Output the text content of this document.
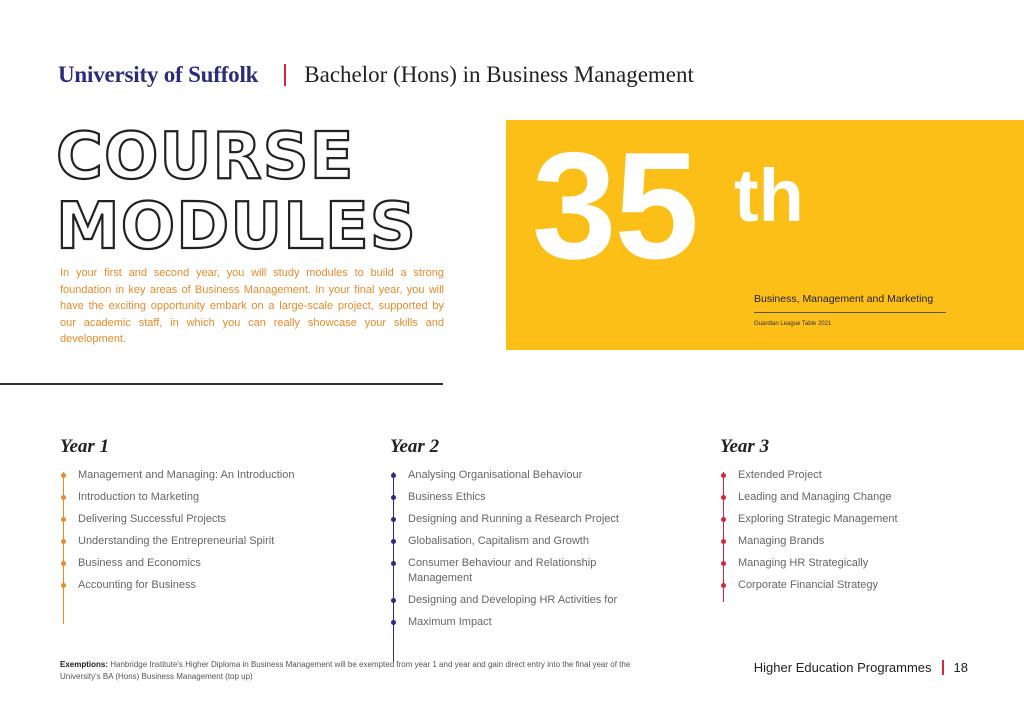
University of Suffolk Bachelor (Hons) in Business Management
COURSE
MODULES

In your first and second year, you will study modules to build a strong foundation in key areas of Business Management. In your final year, you will have the exciting opportunity embark on a large-scale project, supported by our academic staff, in which you can really showcase your skills and development.

35 th
Business, Management and Marketing
Guardian League Table 2021
Year 1
Management and Managing: An Introduction
Introduction to Marketing
Delivering Successful Projects
Understanding the Entrepreneurial Spirit
Business and Economics
Accounting for Business
Year 2
Analysing Organisational Behaviour
Business Ethics
Designing and Running a Research Project
Globalisation, Capitalism and Growth
Consumer Behaviour and Relationship Management
Designing and Developing HR Activities for
Maximum Impact
Year 3
Extended Project
Leading and Managing Change
Exploring Strategic Management
Managing Brands
Managing HR Strategically
Corporate Financial Strategy
Exemptions: Hanbridge Institute's Higher Diploma in Business Management will be exempted from year 1 and year and gain direct entry into the final year of the University's BA (Hons) Business Management (top up)
Higher Education Programmes 18
